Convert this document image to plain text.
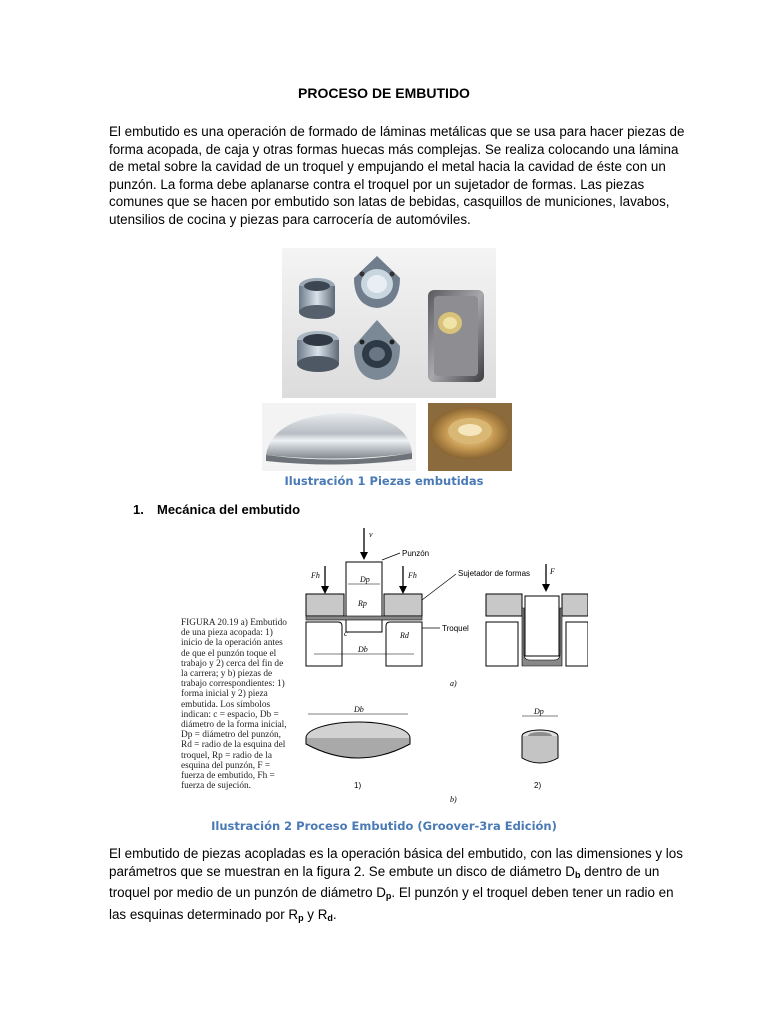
PROCESO DE EMBUTIDO

El embutido es una operación de formado de láminas metálicas que se usa para hacer piezas de forma acopada, de caja y otras formas huecas más complejas. Se realiza colocando una lámina de metal sobre la cavidad de un troquel y empujando el metal hacia la cavidad de éste con un punzón. La forma debe aplanarse contra el troquel por un sujetador de formas. Las piezas comunes que se hacen por embutido son latas de bebidas, casquillos de municiones, lavabos, utensilios de cocina y piezas para carrocería de automóviles.

Ilustración 1 Piezas embutidas
1. Mecánica del embutido
v
Punzón
Dp
Rp
Fh	Fh	Sujetador de formas
c	Rd
Troquel
Db
F
a)
Db
1)
Dp
2)
b)

FIGURA 20.19 a) Embutido de una pieza acopada: 1) inicio de la operación antes de que el punzón toque el trabajo y 2) cerca del fin de la carrera; y b) piezas de trabajo correspondientes: 1) forma inicial y 2) pieza embutida. Los símbolos indican: c = espacio, Db = diámetro de la forma inicial, Dp = diámetro del punzón, Rd = radio de la esquina del troquel, Rp = radio de la esquina del punzón, F = fuerza de embutido, Fh = fuerza de sujeción.

Ilustración 2 Proceso Embutido (Groover-3ra Edición)

El embutido de piezas acopladas es la operación básica del embutido, con las dimensiones y los parámetros que se muestran en la figura 2. Se embute un disco de diámetro $D_b$ dentro de un troquel por medio de un punzón de diámetro $D_p$. El punzón y el troquel deben tener un radio en las esquinas determinado por $R_p$ y $R_d$.
